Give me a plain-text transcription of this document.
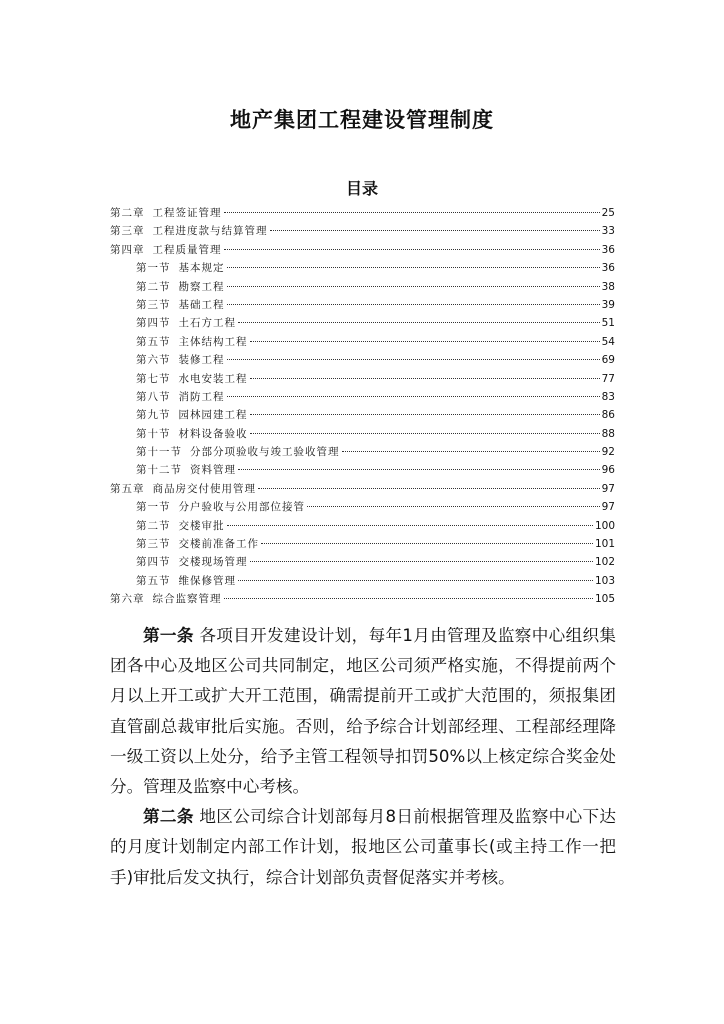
地产集团工程建设管理制度
目录
第二章 工程签证管理	25
第三章 工程进度款与结算管理	33
第四章 工程质量管理	36
第一节 基本规定	36
第二节 勘察工程	38
第三节 基础工程	39
第四节 土石方工程	51
第五节 主体结构工程	54
第六节 装修工程	69
第七节 水电安装工程	77
第八节 消防工程	83
第九节 园林园建工程	86
第十节 材料设备验收	88
第十一节 分部分项验收与竣工验收管理	92
第十二节 资料管理	96
第五章 商品房交付使用管理	97
第一节 分户验收与公用部位接管	97
第二节 交楼审批	100
第三节 交楼前准备工作	101
第四节 交楼现场管理	102
第五节 维保修管理	103
第六章 综合监察管理	105

第一条 各项目开发建设计划，每年1月由管理及监察中心组织集团各中心及地区公司共同制定，地区公司须严格实施，不得提前两个月以上开工或扩大开工范围，确需提前开工或扩大范围的，须报集团直管副总裁审批后实施。否则，给予综合计划部经理、工程部经理降一级工资以上处分，给予主管工程领导扣罚50%以上核定综合奖金处分。管理及监察中心考核。

第二条 地区公司综合计划部每月8日前根据管理及监察中心下达的月度计划制定内部工作计划，报地区公司董事长(或主持工作一把手)审批后发文执行，综合计划部负责督促落实并考核。
